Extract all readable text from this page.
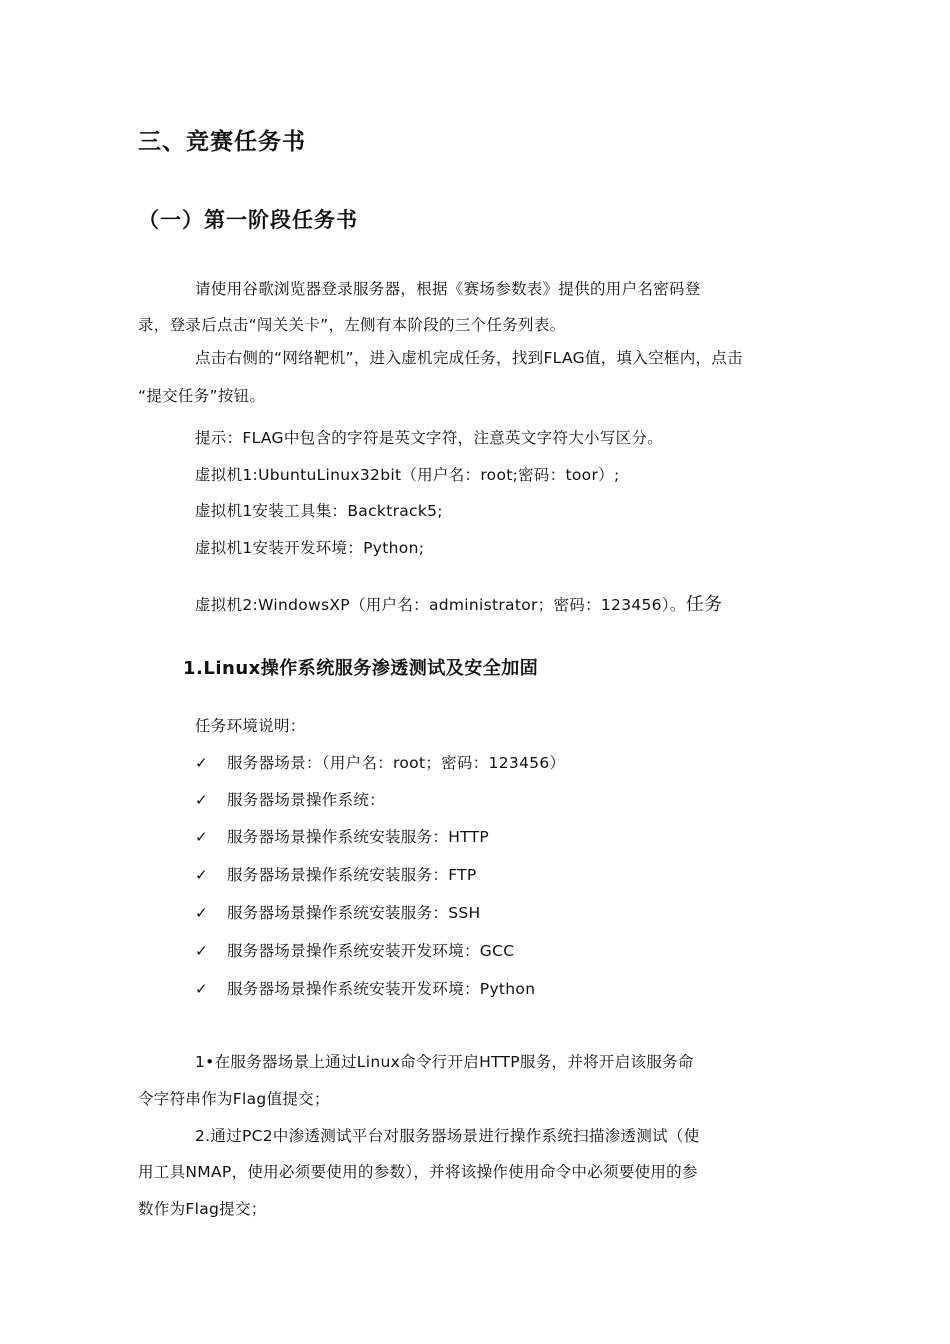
三、竞赛任务书
（一）第一阶段任务书
请使用谷歌浏览器登录服务器，根据《赛场参数表》提供的用户名密码登
录，登录后点击“闯关关卡”，左侧有本阶段的三个任务列表。
点击右侧的“网络靶机”，进入虚机完成任务，找到FLAG值，填入空框内，点击
“提交任务”按钮。
提示：FLAG中包含的字符是英文字符，注意英文字符大小写区分。
虚拟机1:UbuntuLinux32bit（用户名：root;密码：toor）;
虚拟机1安装工具集：Backtrack5;
虚拟机1安装开发环境：Python;
虚拟机2:WindowsXP（用户名：administrator；密码：123456）。任务
1.Linux操作系统服务渗透测试及安全加固
任务环境说明：
✓ 服务器场景：（用户名：root；密码：123456）
✓ 服务器场景操作系统：
✓ 服务器场景操作系统安装服务：HTTP
✓ 服务器场景操作系统安装服务：FTP
✓ 服务器场景操作系统安装服务：SSH
✓ 服务器场景操作系统安装开发环境：GCC
✓ 服务器场景操作系统安装开发环境：Python
1•在服务器场景上通过Linux命令行开启HTTP服务，并将开启该服务命
令字符串作为Flag值提交；
2.通过PC2中渗透测试平台对服务器场景进行操作系统扫描渗透测试（使
用工具NMAP，使用必须要使用的参数），并将该操作使用命令中必须要使用的参
数作为Flag提交；
